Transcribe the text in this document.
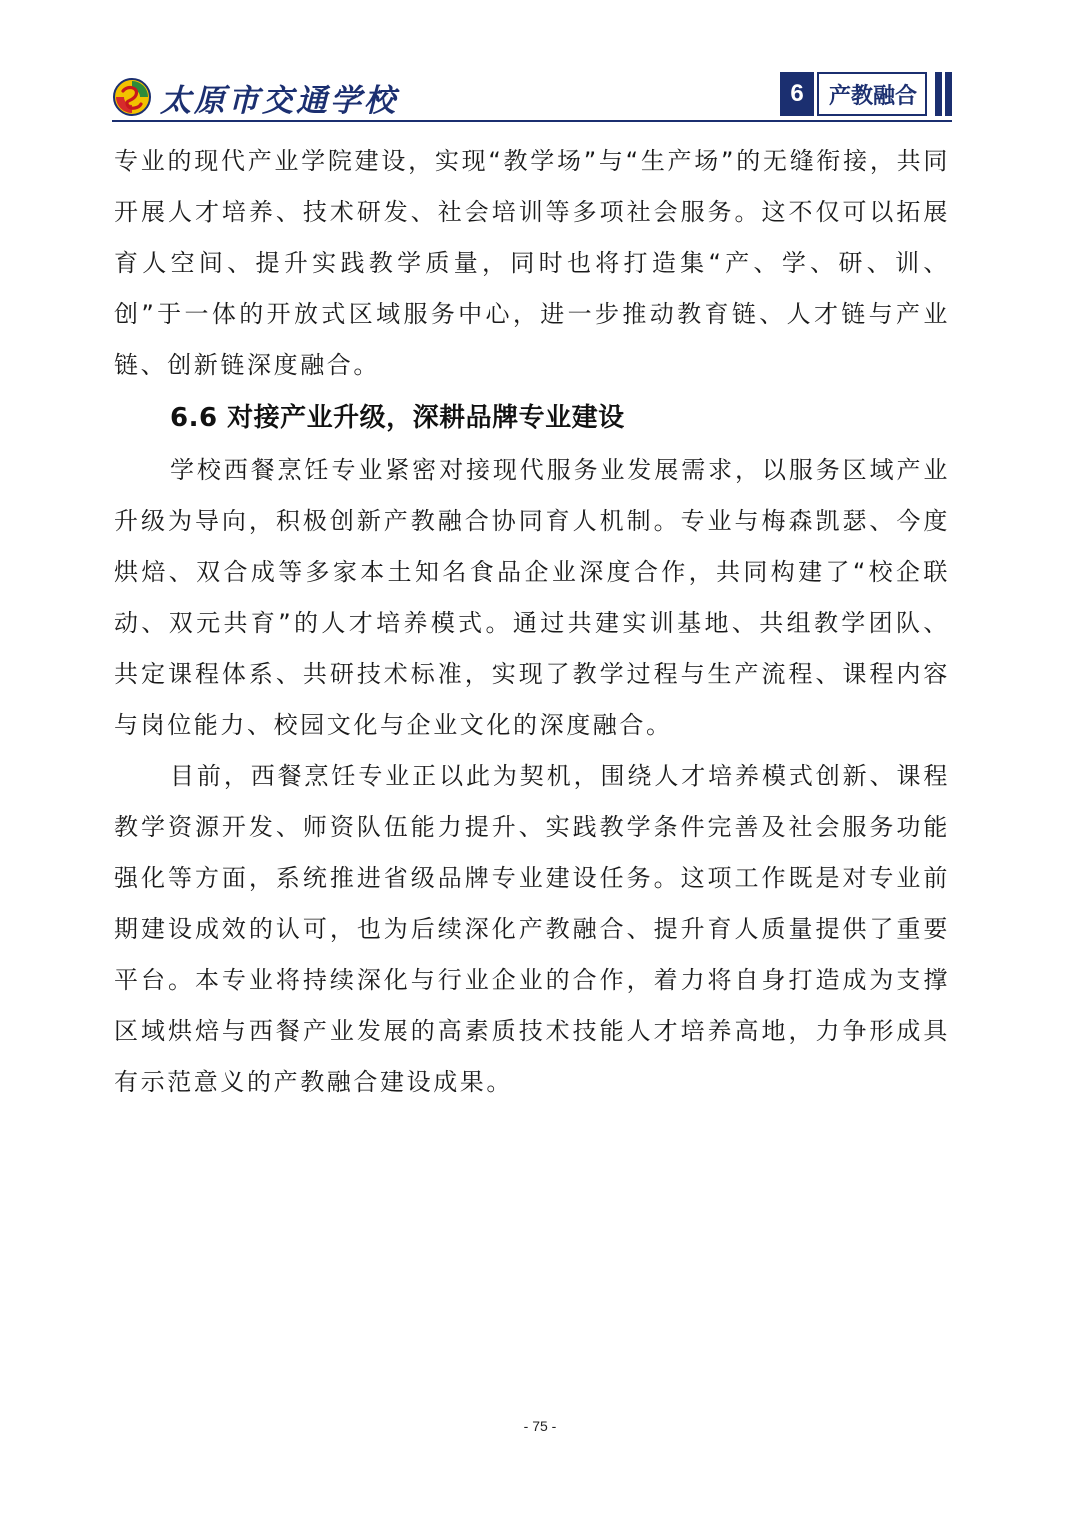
太原市交通学校	6	产教融合

专业的现代产业学院建设，实现“教学场”与“生产场”的无缝衔接，共同开展人才培养、技术研发、社会培训等多项社会服务。这不仅可以拓展育人空间、提升实践教学质量，同时也将打造集“产、学、研、训、创”于一体的开放式区域服务中心，进一步推动教育链、人才链与产业链、创新链深度融合。

6.6 对接产业升级，深耕品牌专业建设

学校西餐烹饪专业紧密对接现代服务业发展需求，以服务区域产业升级为导向，积极创新产教融合协同育人机制。专业与梅森凯瑟、今度烘焙、双合成等多家本土知名食品企业深度合作，共同构建了“校企联动、双元共育”的人才培养模式。通过共建实训基地、共组教学团队、共定课程体系、共研技术标准，实现了教学过程与生产流程、课程内容与岗位能力、校园文化与企业文化的深度融合。

目前，西餐烹饪专业正以此为契机，围绕人才培养模式创新、课程教学资源开发、师资队伍能力提升、实践教学条件完善及社会服务功能强化等方面，系统推进省级品牌专业建设任务。这项工作既是对专业前期建设成效的认可，也为后续深化产教融合、提升育人质量提供了重要平台。本专业将持续深化与行业企业的合作，着力将自身打造成为支撑区域烘焙与西餐产业发展的高素质技术技能人才培养高地，力争形成具有示范意义的产教融合建设成果。

- 75 -
